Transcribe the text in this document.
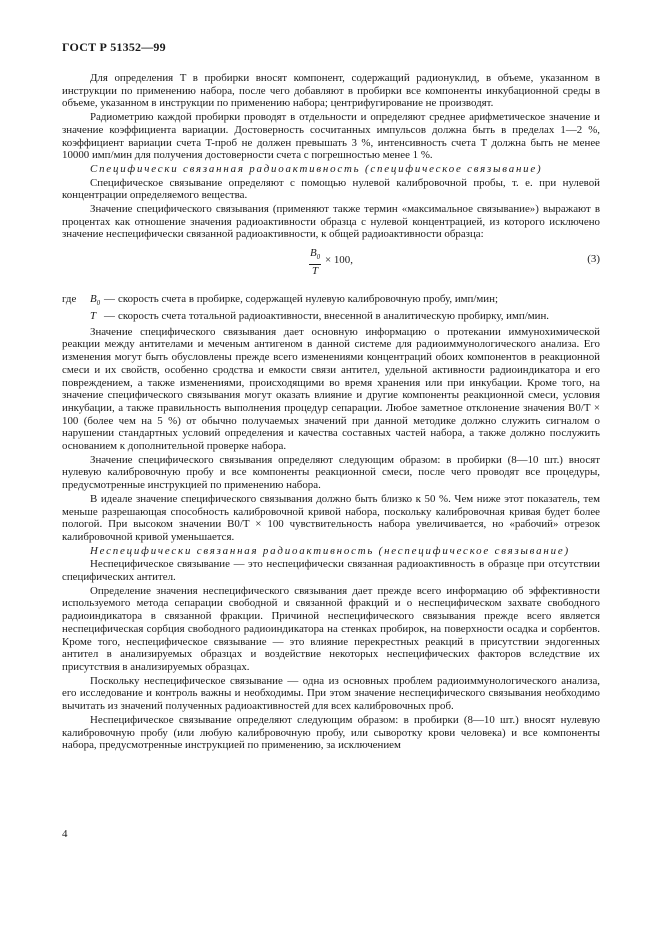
ГОСТ Р 51352—99

Для определения T в пробирки вносят компонент, содержащий радионуклид, в объеме, указанном в инструкции по применению набора, после чего добавляют в пробирки все компоненты инкубационной среды в объеме, указанном в инструкции по применению набора; центрифугирование не производят.

Радиометрию каждой пробирки проводят в отдельности и определяют среднее арифметическое значение и значение коэффициента вариации. Достоверность сосчитанных импульсов должна быть в пределах 1—2 %, коэффициент вариации счета T-проб не должен превышать 3 %, интенсивность счета T должна быть не менее 10000 имп/мин для получения достоверности счета с погрешностью менее 1 %.

Специфически связанная радиоактивность (специфическое связывание)

Специфическое связывание определяют с помощью нулевой калибровочной пробы, т. е. при нулевой концентрации определяемого вещества.

Значение специфического связывания (применяют также термин «максимальное связывание») выражают в процентах как отношение значения радиоактивности образца с нулевой концентрацией, из которого исключено значение неспецифически связанной радиоактивности, к общей радиоактивности образца:

$\frac{B_0}{T} \times 100$,	(3)
где	$B_0$ — скорость счета в пробирке, содержащей нулевую калибровочную пробу, имп/мин;
T — скорость счета тотальной радиоактивности, внесенной в аналитическую пробирку, имп/мин.

Значение специфического связывания дает основную информацию о протекании иммунохимической реакции между антителами и меченым антигеном в данной системе для радиоиммунологического анализа. Его изменения могут быть обусловлены прежде всего изменениями концентраций обоих компонентов в реакционной смеси и их свойств, особенно сродства и емкости связи антител, удельной активности радиоиндикатора и его повреждением, а также изменениями, происходящими во время хранения или при инкубации. Кроме того, на значение специфического связывания могут оказать влияние и другие компоненты реакционной смеси, условия инкубации, а также правильность выполнения процедур сепарации. Любое заметное отклонение значения B0/T × 100 (более чем на 5 %) от обычно получаемых значений при данной методике должно служить сигналом о нарушении стандартных условий определения и качества составных частей набора, а также должно послужить основанием к дополнительной проверке набора.

Значение специфического связывания определяют следующим образом: в пробирки (8—10 шт.) вносят нулевую калибровочную пробу и все компоненты реакционной смеси, после чего проводят все процедуры, предусмотренные инструкцией по применению набора.

В идеале значение специфического связывания должно быть близко к 50 %. Чем ниже этот показатель, тем меньше разрешающая способность калибровочной кривой набора, поскольку калибровочная кривая будет более пологой. При высоком значении B0/T × 100 чувствительность набора увеличивается, но «рабочий» отрезок калибровочной кривой уменьшается.

Неспецифически связанная радиоактивность (неспецифическое связывание)

Неспецифическое связывание — это неспецифически связанная радиоактивность в образце при отсутствии специфических антител.

Определение значения неспецифического связывания дает прежде всего информацию об эффективности используемого метода сепарации свободной и связанной фракций и о неспецифическом захвате свободного радиоиндикатора в связанной фракции. Причиной неспецифического связывания прежде всего является неспецифическая сорбция свободного радиоиндикатора на стенках пробирок, на поверхности осадка и сорбентов. Кроме того, неспецифическое связывание — это влияние перекрестных реакций в присутствии эндогенных антител в анализируемых образцах и воздействие некоторых неспецифических факторов вследствие их присутствия в анализируемых образцах.

Поскольку неспецифическое связывание — одна из основных проблем радиоиммунологического анализа, его исследование и контроль важны и необходимы. При этом значение неспецифического связывания необходимо вычитать из значений полученных радиоактивностей для всех калибровочных проб.

Неспецифическое связывание определяют следующим образом: в пробирки (8—10 шт.) вносят нулевую калибровочную пробу (или любую калибровочную пробу, или сыворотку крови человека) и все компоненты набора, предусмотренные инструкцией по применению, за исключением

4
